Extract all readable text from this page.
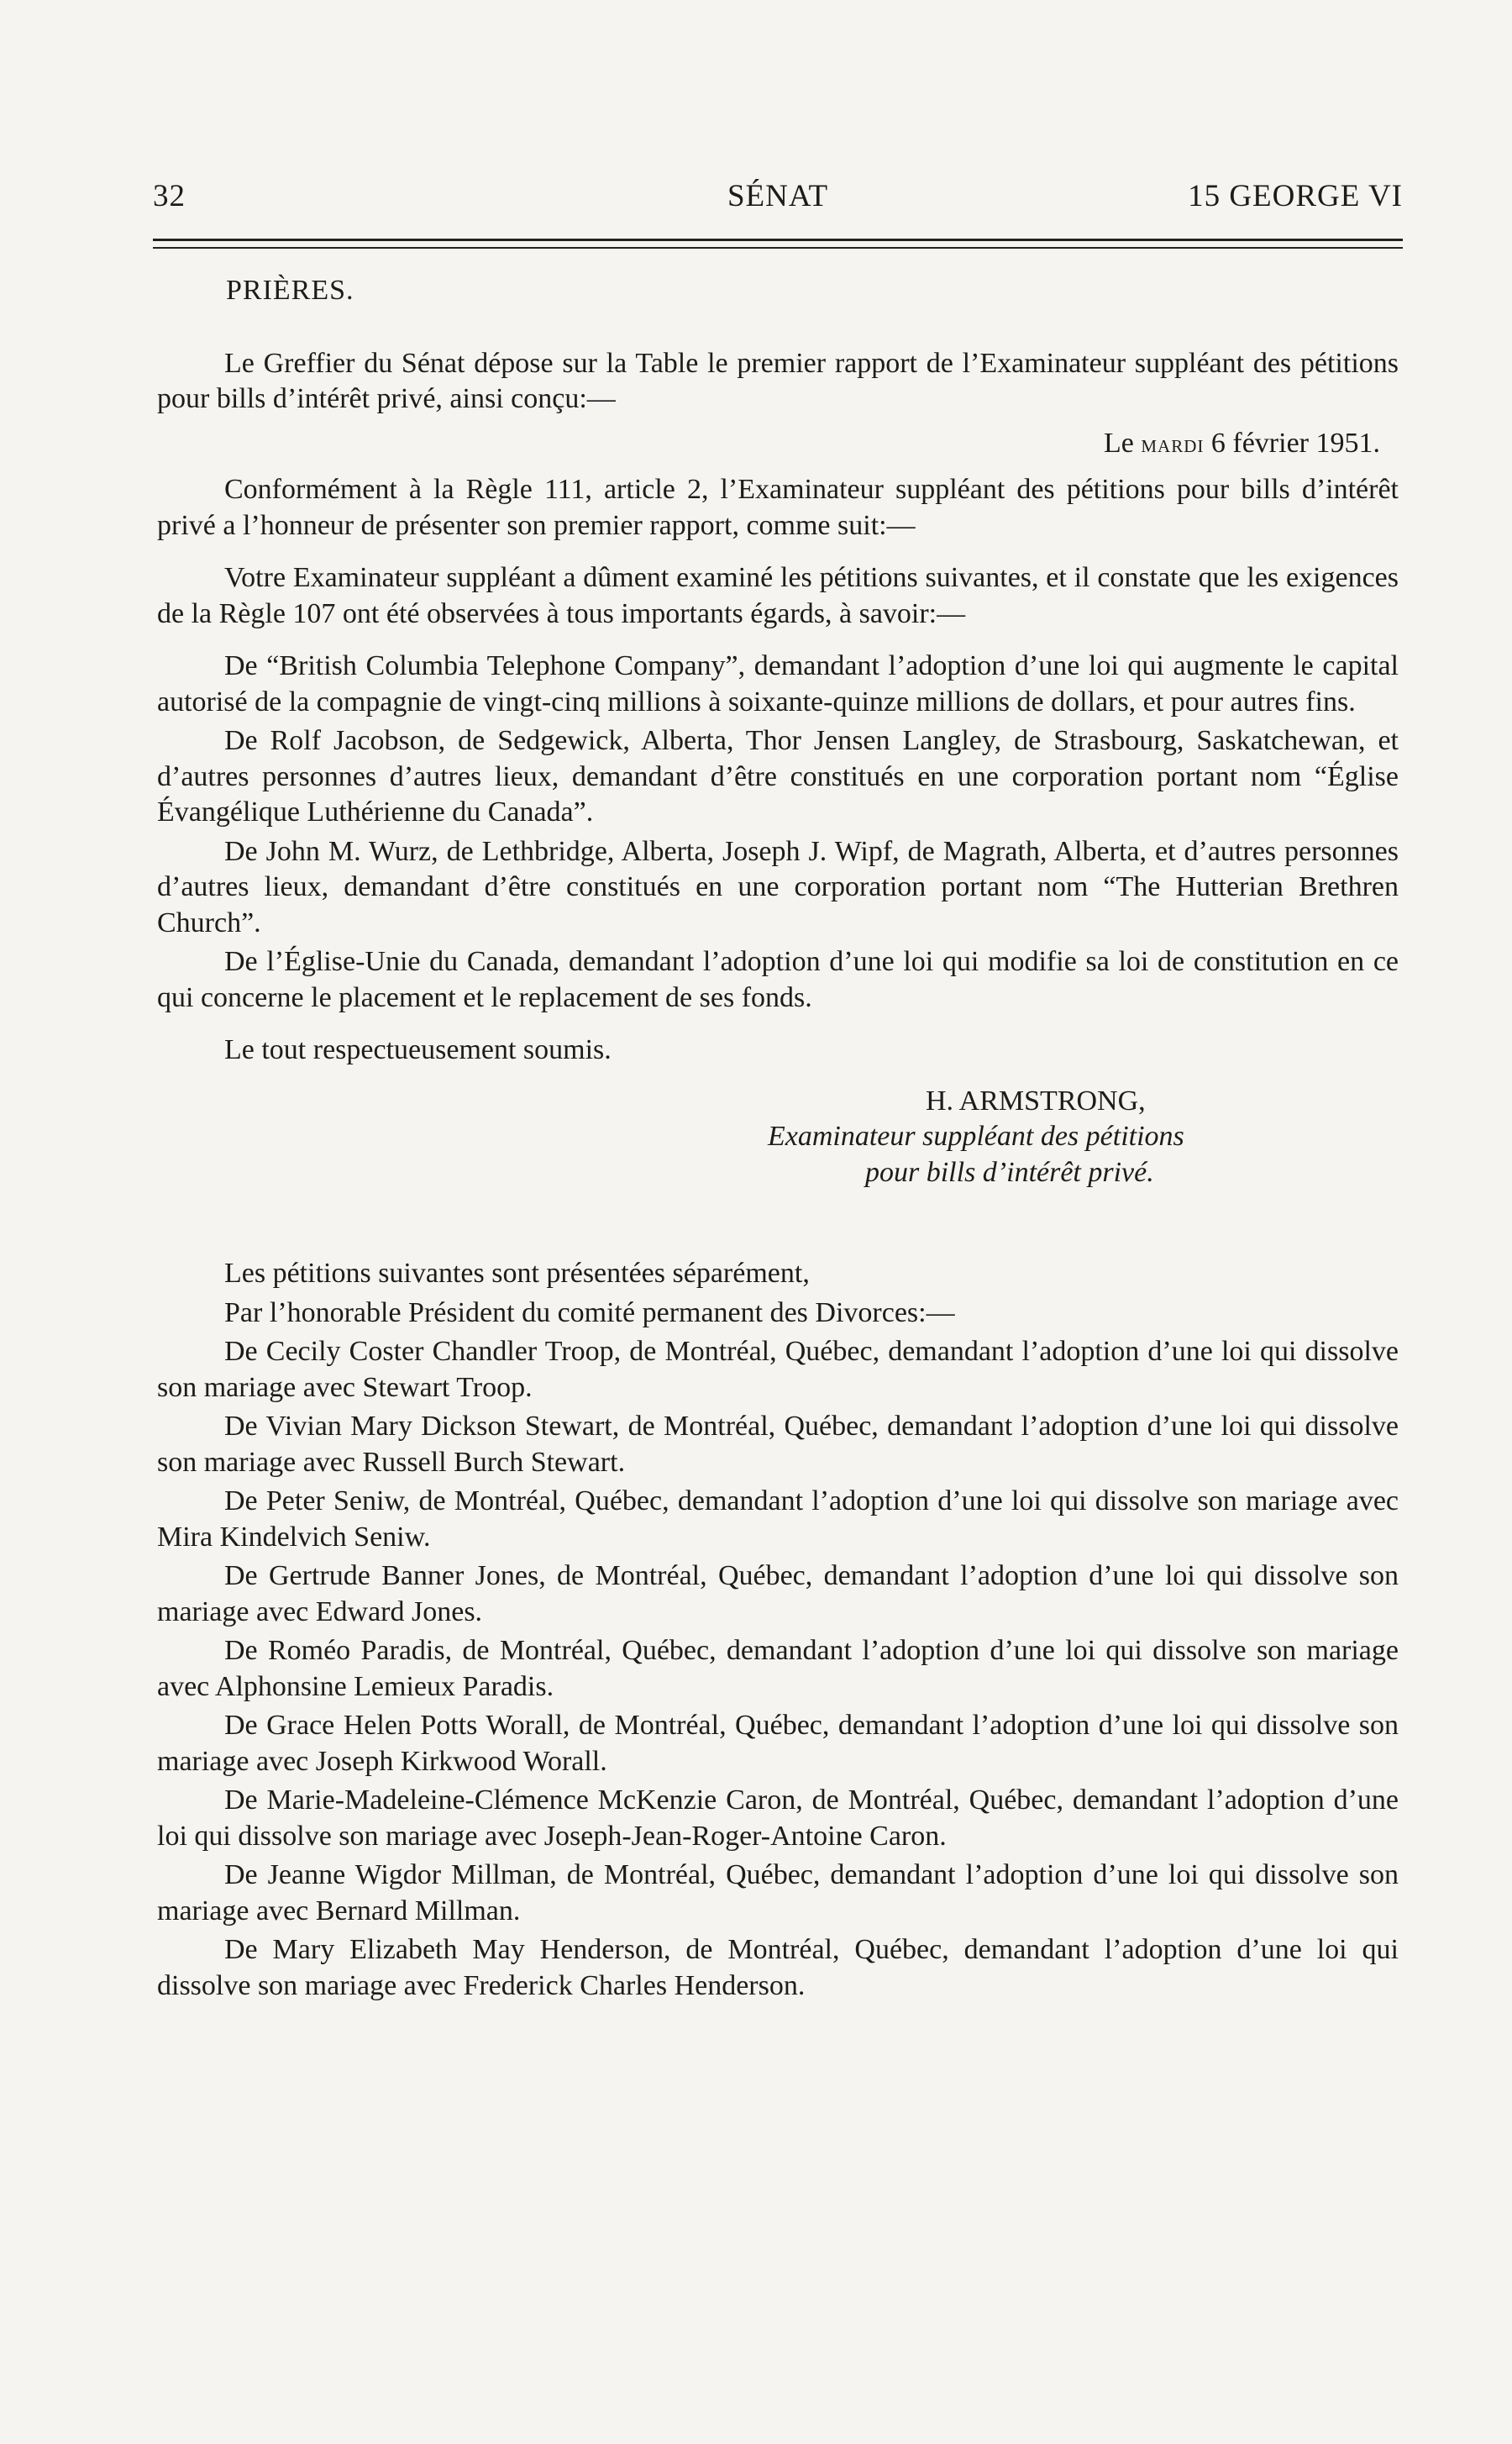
32	SÉNAT	15 GEORGE VI

PRIÈRES.

Le Greffier du Sénat dépose sur la Table le premier rapport de l’Examinateur suppléant des pétitions pour bills d’intérêt privé, ainsi conçu:—

Le mardi 6 février 1951.

Conformément à la Règle 111, article 2, l’Examinateur suppléant des pétitions pour bills d’intérêt privé a l’honneur de présenter son premier rapport, comme suit:—

Votre Examinateur suppléant a dûment examiné les pétitions suivantes, et il constate que les exigences de la Règle 107 ont été observées à tous importants égards, à savoir:—

De “British Columbia Telephone Company”, demandant l’adoption d’une loi qui augmente le capital autorisé de la compagnie de vingt-cinq millions à soixante-quinze millions de dollars, et pour autres fins.

De Rolf Jacobson, de Sedgewick, Alberta, Thor Jensen Langley, de Strasbourg, Saskatchewan, et d’autres personnes d’autres lieux, demandant d’être constitués en une corporation portant nom “Église Évangélique Luthérienne du Canada”.

De John M. Wurz, de Lethbridge, Alberta, Joseph J. Wipf, de Magrath, Alberta, et d’autres personnes d’autres lieux, demandant d’être constitués en une corporation portant nom “The Hutterian Brethren Church”.

De l’Église-Unie du Canada, demandant l’adoption d’une loi qui modifie sa loi de constitution en ce qui concerne le placement et le replacement de ses fonds.

Le tout respectueusement soumis.

H. ARMSTRONG,

Examinateur suppléant des pétitions

pour bills d’intérêt privé.

Les pétitions suivantes sont présentées séparément,

Par l’honorable Président du comité permanent des Divorces:—

De Cecily Coster Chandler Troop, de Montréal, Québec, demandant l’adoption d’une loi qui dissolve son mariage avec Stewart Troop.

De Vivian Mary Dickson Stewart, de Montréal, Québec, demandant l’adoption d’une loi qui dissolve son mariage avec Russell Burch Stewart.

De Peter Seniw, de Montréal, Québec, demandant l’adoption d’une loi qui dissolve son mariage avec Mira Kindelvich Seniw.

De Gertrude Banner Jones, de Montréal, Québec, demandant l’adoption d’une loi qui dissolve son mariage avec Edward Jones.

De Roméo Paradis, de Montréal, Québec, demandant l’adoption d’une loi qui dissolve son mariage avec Alphonsine Lemieux Paradis.

De Grace Helen Potts Worall, de Montréal, Québec, demandant l’adoption d’une loi qui dissolve son mariage avec Joseph Kirkwood Worall.

De Marie-Madeleine-Clémence McKenzie Caron, de Montréal, Québec, demandant l’adoption d’une loi qui dissolve son mariage avec Joseph-Jean-Roger-Antoine Caron.

De Jeanne Wigdor Millman, de Montréal, Québec, demandant l’adoption d’une loi qui dissolve son mariage avec Bernard Millman.

De Mary Elizabeth May Henderson, de Montréal, Québec, demandant l’adoption d’une loi qui dissolve son mariage avec Frederick Charles Henderson.
